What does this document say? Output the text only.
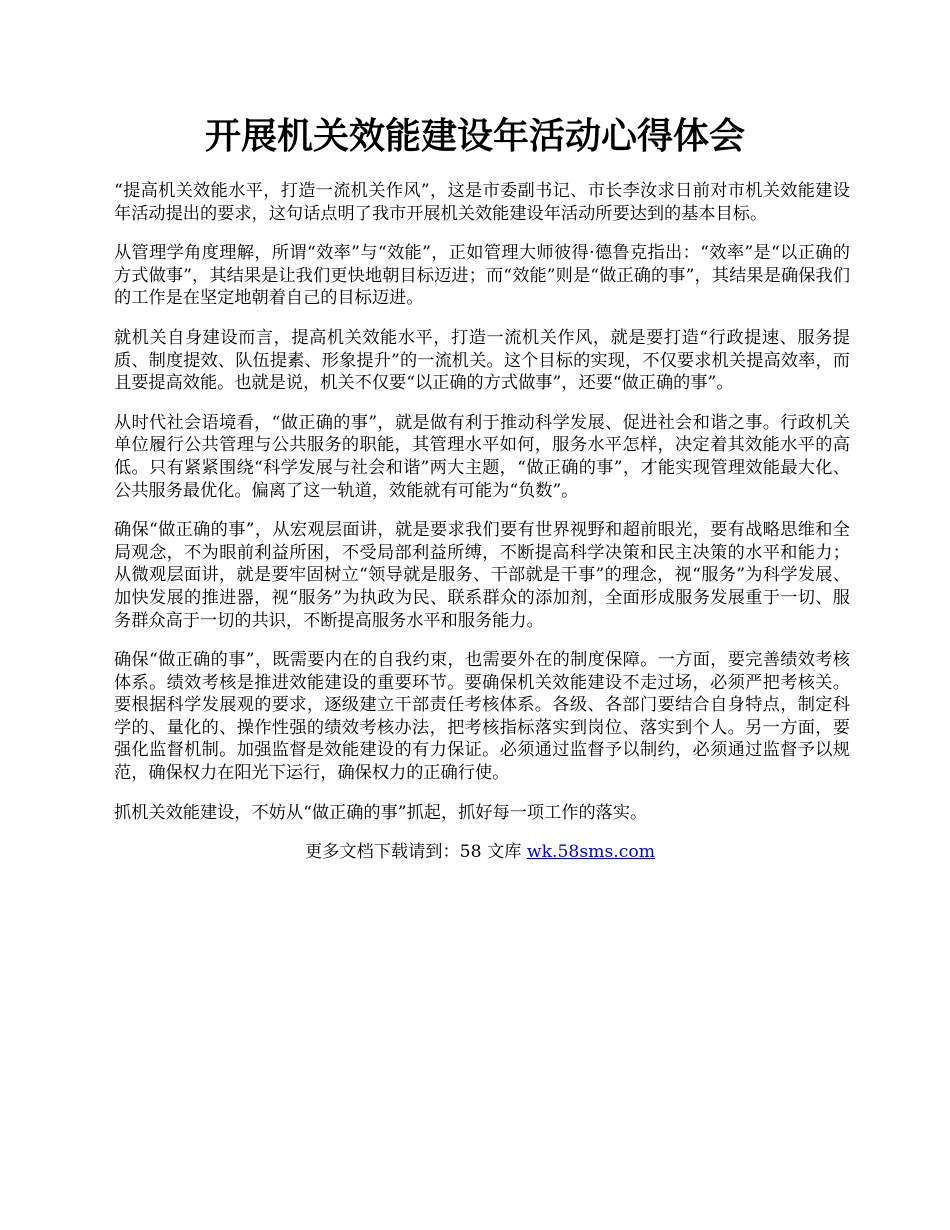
开展机关效能建设年活动心得体会

“提高机关效能水平，打造一流机关作风”，这是市委副书记、市长李汝求日前对市机关效能建设年活动提出的要求，这句话点明了我市开展机关效能建设年活动所要达到的基本目标。

从管理学角度理解，所谓“效率”与“效能”，正如管理大师彼得·德鲁克指出：“效率”是“以正确的方式做事”，其结果是让我们更快地朝目标迈进；而“效能”则是“做正确的事”，其结果是确保我们的工作是在坚定地朝着自己的目标迈进。

就机关自身建设而言，提高机关效能水平，打造一流机关作风，就是要打造“行政提速、服务提质、制度提效、队伍提素、形象提升”的一流机关。这个目标的实现，不仅要求机关提高效率，而且要提高效能。也就是说，机关不仅要“以正确的方式做事”，还要“做正确的事”。

从时代社会语境看，“做正确的事”，就是做有利于推动科学发展、促进社会和谐之事。行政机关单位履行公共管理与公共服务的职能，其管理水平如何，服务水平怎样，决定着其效能水平的高低。只有紧紧围绕“科学发展与社会和谐”两大主题，“做正确的事”，才能实现管理效能最大化、公共服务最优化。偏离了这一轨道，效能就有可能为“负数”。

确保“做正确的事”，从宏观层面讲，就是要求我们要有世界视野和超前眼光，要有战略思维和全局观念，不为眼前利益所困，不受局部利益所缚，不断提高科学决策和民主决策的水平和能力；从微观层面讲，就是要牢固树立“领导就是服务、干部就是干事”的理念，视“服务”为科学发展、加快发展的推进器，视“服务”为执政为民、联系群众的添加剂，全面形成服务发展重于一切、服务群众高于一切的共识，不断提高服务水平和服务能力。

确保“做正确的事”，既需要内在的自我约束，也需要外在的制度保障。一方面，要完善绩效考核体系。绩效考核是推进效能建设的重要环节。要确保机关效能建设不走过场，必须严把考核关。要根据科学发展观的要求，逐级建立干部责任考核体系。各级、各部门要结合自身特点，制定科学的、量化的、操作性强的绩效考核办法，把考核指标落实到岗位、落实到个人。另一方面，要强化监督机制。加强监督是效能建设的有力保证。必须通过监督予以制约，必须通过监督予以规范，确保权力在阳光下运行，确保权力的正确行使。

抓机关效能建设，不妨从“做正确的事”抓起，抓好每一项工作的落实。

更多文档下载请到：58 文库 wk.58sms.com
